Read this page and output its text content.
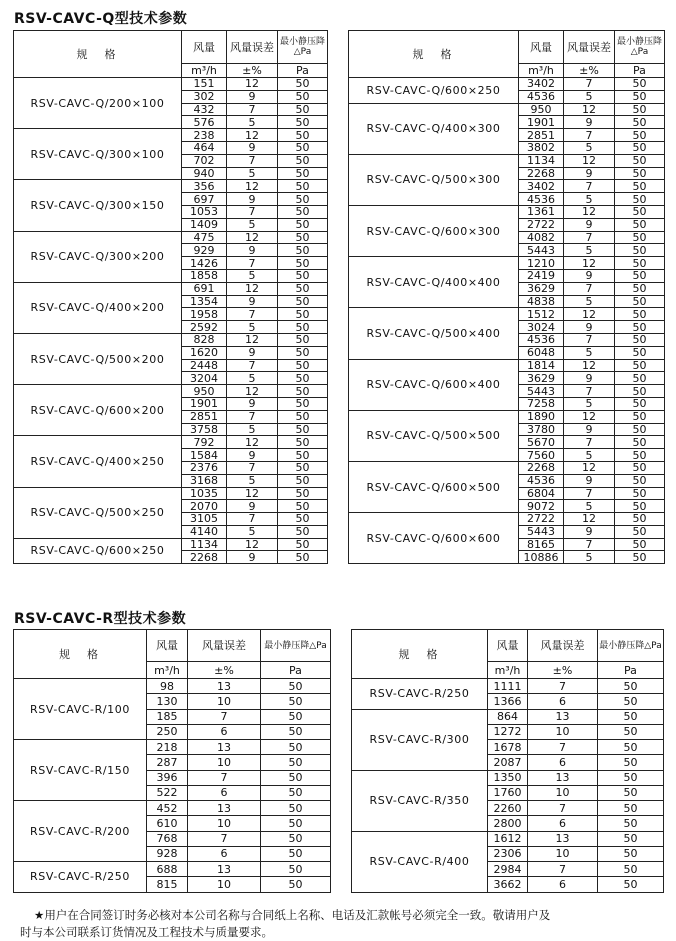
RSV-CAVC-Q型技术参数
规　格	风量	风量误差	最小静压降△Pa
	m³/h	±%	Pa
RSV-CAVC-Q/200×100	151	12	50
	302	9	50
	432	7	50
	576	5	50
RSV-CAVC-Q/300×100	238	12	50
	464	9	50
	702	7	50
	940	5	50
RSV-CAVC-Q/300×150	356	12	50
	697	9	50
	1053	7	50
	1409	5	50
RSV-CAVC-Q/300×200	475	12	50
	929	9	50
	1426	7	50
	1858	5	50
RSV-CAVC-Q/400×200	691	12	50
	1354	9	50
	1958	7	50
	2592	5	50
RSV-CAVC-Q/500×200	828	12	50
	1620	9	50
	2448	7	50
	3204	5	50
RSV-CAVC-Q/600×200	950	12	50
	1901	9	50
	2851	7	50
	3758	5	50
RSV-CAVC-Q/400×250	792	12	50
	1584	9	50
	2376	7	50
	3168	5	50
RSV-CAVC-Q/500×250	1035	12	50
	2070	9	50
	3105	7	50
	4140	5	50
RSV-CAVC-Q/600×250	1134	12	50
	2268	9	50
规　格	风量	风量误差	最小静压降△Pa
	m³/h	±%	Pa
RSV-CAVC-Q/600×250	3402	7	50
	4536	5	50
RSV-CAVC-Q/400×300	950	12	50
	1901	9	50
	2851	7	50
	3802	5	50
RSV-CAVC-Q/500×300	1134	12	50
	2268	9	50
	3402	7	50
	4536	5	50
RSV-CAVC-Q/600×300	1361	12	50
	2722	9	50
	4082	7	50
	5443	5	50
RSV-CAVC-Q/400×400	1210	12	50
	2419	9	50
	3629	7	50
	4838	5	50
RSV-CAVC-Q/500×400	1512	12	50
	3024	9	50
	4536	7	50
	6048	5	50
RSV-CAVC-Q/600×400	1814	12	50
	3629	9	50
	5443	7	50
	7258	5	50
RSV-CAVC-Q/500×500	1890	12	50
	3780	9	50
	5670	7	50
	7560	5	50
RSV-CAVC-Q/600×500	2268	12	50
	4536	9	50
	6804	7	50
	9072	5	50
RSV-CAVC-Q/600×600	2722	12	50
	5443	9	50
	8165	7	50
	10886	5	50
RSV-CAVC-R型技术参数
规　格	风量	风量误差	最小静压降△Pa
	m³/h	±%	Pa
RSV-CAVC-R/100	98	13	50
	130	10	50
	185	7	50
	250	6	50
RSV-CAVC-R/150	218	13	50
	287	10	50
	396	7	50
	522	6	50
RSV-CAVC-R/200	452	13	50
	610	10	50
	768	7	50
	928	6	50
RSV-CAVC-R/250	688	13	50
	815	10	50
规　格	风量	风量误差	最小静压降△Pa
	m³/h	±%	Pa
RSV-CAVC-R/250	1111	7	50
	1366	6	50
RSV-CAVC-R/300	864	13	50
	1272	10	50
	1678	7	50
	2087	6	50
RSV-CAVC-R/350	1350	13	50
	1760	10	50
	2260	7	50
	2800	6	50
RSV-CAVC-R/400	1612	13	50
	2306	10	50
	2984	7	50
	3662	6	50
★用户在合同签订时务必核对本公司名称与合同纸上名称、电话及汇款帐号必须完全一致。敬请用户及
时与本公司联系订货情况及工程技术与质量要求。
